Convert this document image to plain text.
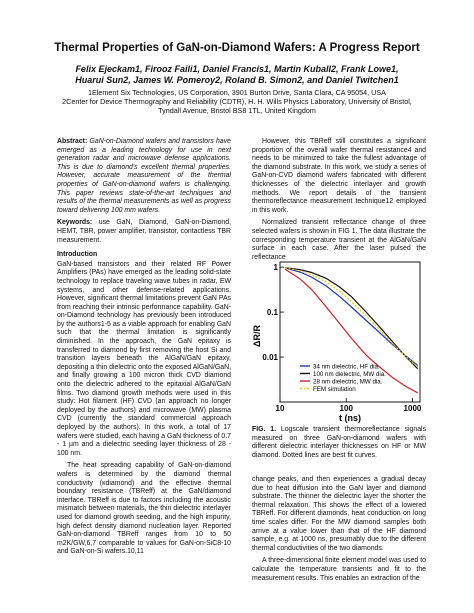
Thermal Properties of GaN-on-Diamond Wafers: A Progress Report
Felix Ejeckam1, Firooz Faili1, Daniel Francis1, Martin Kuball2, Frank Lowe1,
Huarui Sun2, James W. Pomeroy2, Roland B. Simon2, and Daniel Twitchen1
1Element Six Technologies, US Corporation, 3901 Burton Drive, Santa Clara, CA 95054, USA
2Center for Device Thermography and Reliability (CDTR), H. H. Wills Physics Laboratory, University of Bristol,
Tyndall Avenue, Bristol BS8 1TL, United Kingdom

Abstract: GaN-on-Diamond wafers and transistors have emerged as a leading technology for use in next generation radar and microwave defense applications. This is due to diamond's excellent thermal properties. However, accurate measurement of the thermal properties of GaN-on-diamond wafers is challenging. This paper reviews state-of-the-art techniques and results of the thermal measurements as well as progress toward delivering 100 mm wafers.

Keywords: use GaN, Diamond, GaN-on-Diamond, HEMT, TBR, power amplifier, transistor, contactless TBR measurement.

Introduction

GaN-based transistors and their related RF Power Amplifiers (PAs) have emerged as the leading solid-state technology to replace traveling wave tubes in radar, EW systems, and other defense-related applications. However, significant thermal limitations prevent GaN PAs from reaching their intrinsic performance capability. GaN-on-Diamond technology has previously been introduced by the authors1-5 as a viable approach for enabling GaN such that the thermal limitation is significantly diminished. In the approach, the GaN epitaxy is transferred to diamond by first removing the host Si and transition layers beneath the AlGaN/GaN epitaxy, depositing a thin dielectric onto the exposed AlGaN/GaN, and finally growing a 100 micron thick CVD diamond onto the dielectric adhered to the epitaxial AlGaN/GaN films. Two diamond growth methods were used in this study: Hot filament (HF) CVD (an approach no longer deployed by the authors) and microwave (MW) plasma CVD (currently the standard commercial approach deployed by the authors). In this work, a total of 17 wafers were studied, each having a GaN thickness of 0.7 - 1 µm and a dielectric seeding layer thickness of 28 - 100 nm.

The heat spreading capability of GaN-on-diamond wafers is determined by the diamond thermal conductivity (κdiamond) and the effective thermal boundary resistance (TBReff) at the GaN/diamond interface. TBReff is due to factors including the acoustic mismatch between materials, the thin dielectric interlayer used for diamond growth seeding, and the high impurity, high defect density diamond nucleation layer. Reported GaN-on-diamond TBReff ranges from 10 to 50 m2K/GW,6,7 comparable to values for GaN-on-SiC8-10 and GaN-on-Si wafers.10,11

However, this TBReff still constitutes a significant proportion of the overall wafer thermal resistance4 and needs to be minimized to take the fullest advantage of the diamond substrate. In this work, we study a series of GaN-on-CVD diamond wafers fabricated with different thicknesses of the dielectric interlayer and growth methods. We report details of the transient thermoreflectance measurement technique12 employed in this work.

Normalized transient reflectance change of three selected wafers is shown in FIG 1. The data illustrate the corresponding temperature transient at the AlGaN/GaN surface in each case. After the laser pulsed the reflectance

10	100	1000
1
0.1
0.01
34 nm dielectric, HF dia.
100 nm dielectric, MW dia.
28 nm dielectric, MW dia.
FEM simulation
ΔR/R
t (ns)
FIG. 1. Logscale transient thermoreflectance signals measured on three GaN-on-diamond wafers with different dielectric interlayer thicknesses on HF or MW diamond. Dotted lines are best fit curves.

change peaks, and then experiences a gradual decay due to heat diffusion into the GaN layer and diamond substrate. The thinner the dielectric layer the shorter the thermal relaxation. This shows the effect of a lowered TBReff. For different diamonds, heat conduction on long time scales differ. For the MW diamond samples both arrive at a value lower than that of the HF diamond sample, e.g. at 1000 ns, presumably due to the different thermal conductivities of the two diamonds.

A three-dimensional finite element model was used to calculate the temperature transients and fit to the measurement results. This enables an extraction of the
